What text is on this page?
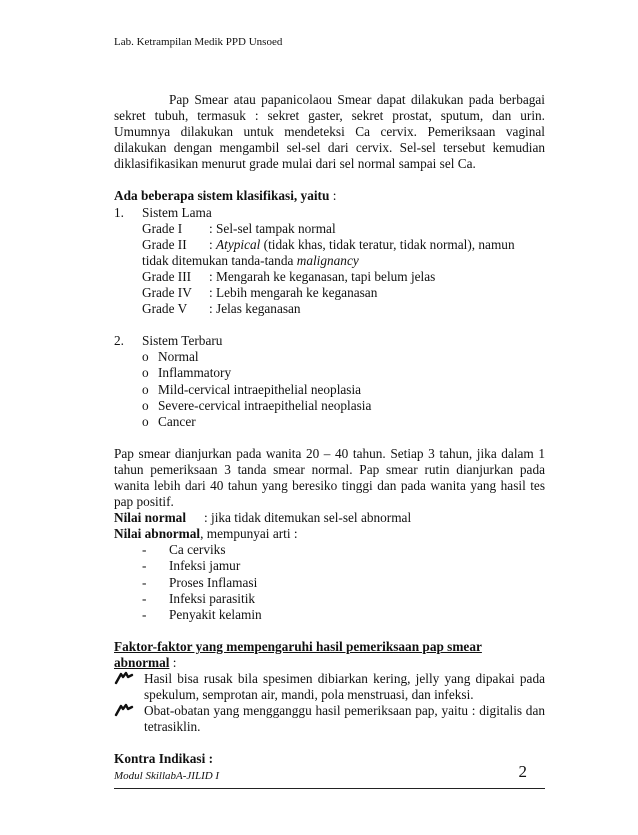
Lab. Ketrampilan Medik PPD Unsoed
Pap Smear atau papanicolaou Smear dapat dilakukan pada berbagai sekret tubuh, termasuk : sekret gaster, sekret prostat, sputum, dan urin. Umumnya dilakukan untuk mendeteksi Ca cervix. Pemeriksaan vaginal dilakukan dengan mengambil sel-sel dari cervix. Sel-sel tersebut kemudian diklasifikasikan menurut grade mulai dari sel normal sampai sel Ca.
Ada beberapa sistem klasifikasi, yaitu :
1.	Sistem Lama
Grade I	: Sel-sel tampak normal
Grade II	: Atypical (tidak khas, tidak teratur, tidak normal), namun
tidak ditemukan tanda-tanda malignancy
Grade III	: Mengarah ke keganasan, tapi belum jelas
Grade IV	: Lebih mengarah ke keganasan
Grade V	: Jelas keganasan
2.	Sistem Terbaru
o Normal
o Inflammatory
o Mild-cervical intraepithelial neoplasia
o Severe-cervical intraepithelial neoplasia
o Cancer
Pap smear dianjurkan pada wanita 20 – 40 tahun. Setiap 3 tahun, jika dalam 1 tahun pemeriksaan 3 tanda smear normal. Pap smear rutin dianjurkan pada wanita lebih dari 40 tahun yang beresiko tinggi dan pada wanita yang hasil tes pap positif.
Nilai normal	: jika tidak ditemukan sel-sel abnormal
Nilai abnormal, mempunyai arti :
-	Ca cerviks
-	Infeksi jamur
-	Proses Inflamasi
-	Infeksi parasitik
-	Penyakit kelamin
Faktor-faktor yang mempengaruhi hasil pemeriksaan pap smear
abnormal :
Hasil bisa rusak bila spesimen dibiarkan kering, jelly yang dipakai pada spekulum, semprotan air, mandi, pola menstruasi, dan infeksi.
Obat-obatan yang mengganggu hasil pemeriksaan pap, yaitu : digitalis dan tetrasiklin.
Kontra Indikasi :
Modul SkillabA-JILID I	2
